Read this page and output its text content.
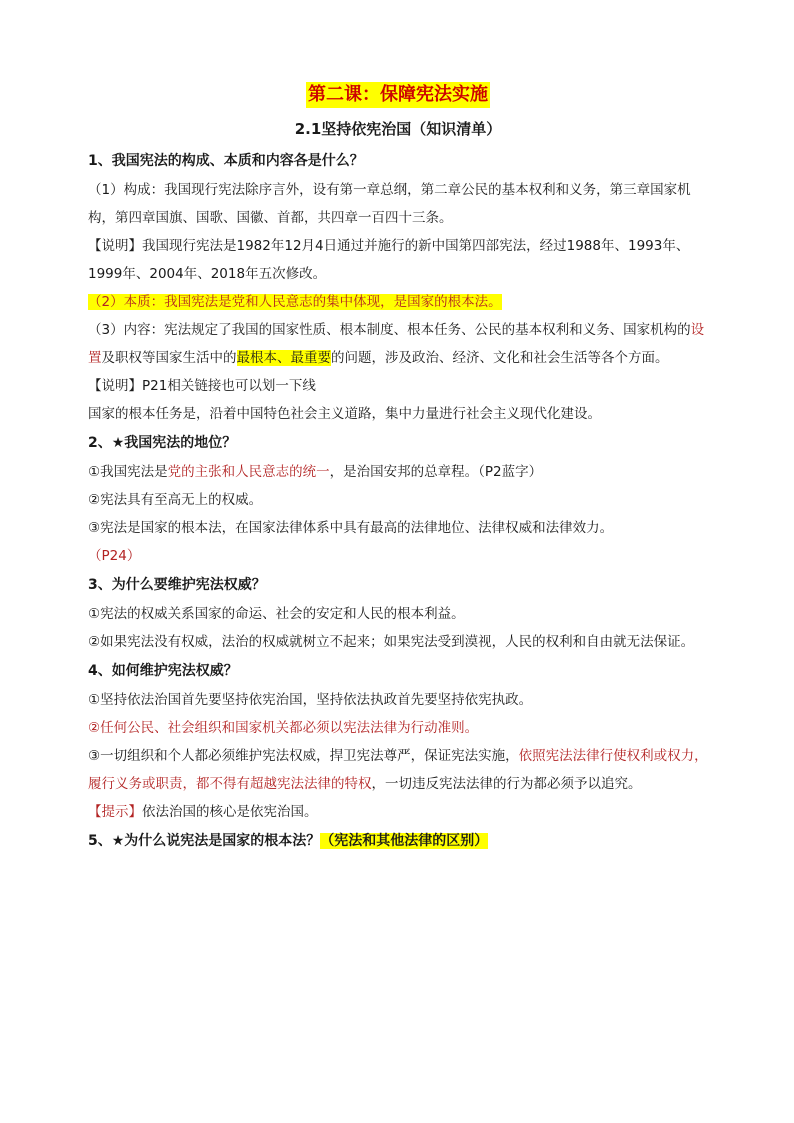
第二课：保障宪法实施
2.1坚持依宪治国（知识清单）

1、我国宪法的构成、本质和内容各是什么？

（1）构成：我国现行宪法除序言外，设有第一章总纲，第二章公民的基本权利和义务，第三章国家机构，第四章国旗、国歌、国徽、首都，共四章一百四十三条。

【说明】我国现行宪法是1982年12月4日通过并施行的新中国第四部宪法，经过1988年、1993年、1999年、2004年、2018年五次修改。

（2）本质：我国宪法是党和人民意志的集中体现，是国家的根本法。

（3）内容：宪法规定了我国的国家性质、根本制度、根本任务、公民的基本权利和义务、国家机构的设置及职权等国家生活中的最根本、最重要的问题，涉及政治、经济、文化和社会生活等各个方面。

【说明】P21相关链接也可以划一下线

国家的根本任务是，沿着中国特色社会主义道路，集中力量进行社会主义现代化建设。

2、★我国宪法的地位？

①我国宪法是党的主张和人民意志的统一，是治国安邦的总章程。（P2蓝字）

②宪法具有至高无上的权威。

③宪法是国家的根本法，在国家法律体系中具有最高的法律地位、法律权威和法律效力。

（P24）

3、为什么要维护宪法权威？

①宪法的权威关系国家的命运、社会的安定和人民的根本利益。

②如果宪法没有权威，法治的权威就树立不起来；如果宪法受到漠视，人民的权利和自由就无法保证。

4、如何维护宪法权威？

①坚持依法治国首先要坚持依宪治国，坚持依法执政首先要坚持依宪执政。

②任何公民、社会组织和国家机关都必须以宪法法律为行动准则。

③一切组织和个人都必须维护宪法权威，捍卫宪法尊严，保证宪法实施，依照宪法法律行使权利或权力，履行义务或职责，都不得有超越宪法法律的特权，一切违反宪法法律的行为都必须予以追究。

【提示】依法治国的核心是依宪治国。

5、★为什么说宪法是国家的根本法？（宪法和其他法律的区别）
